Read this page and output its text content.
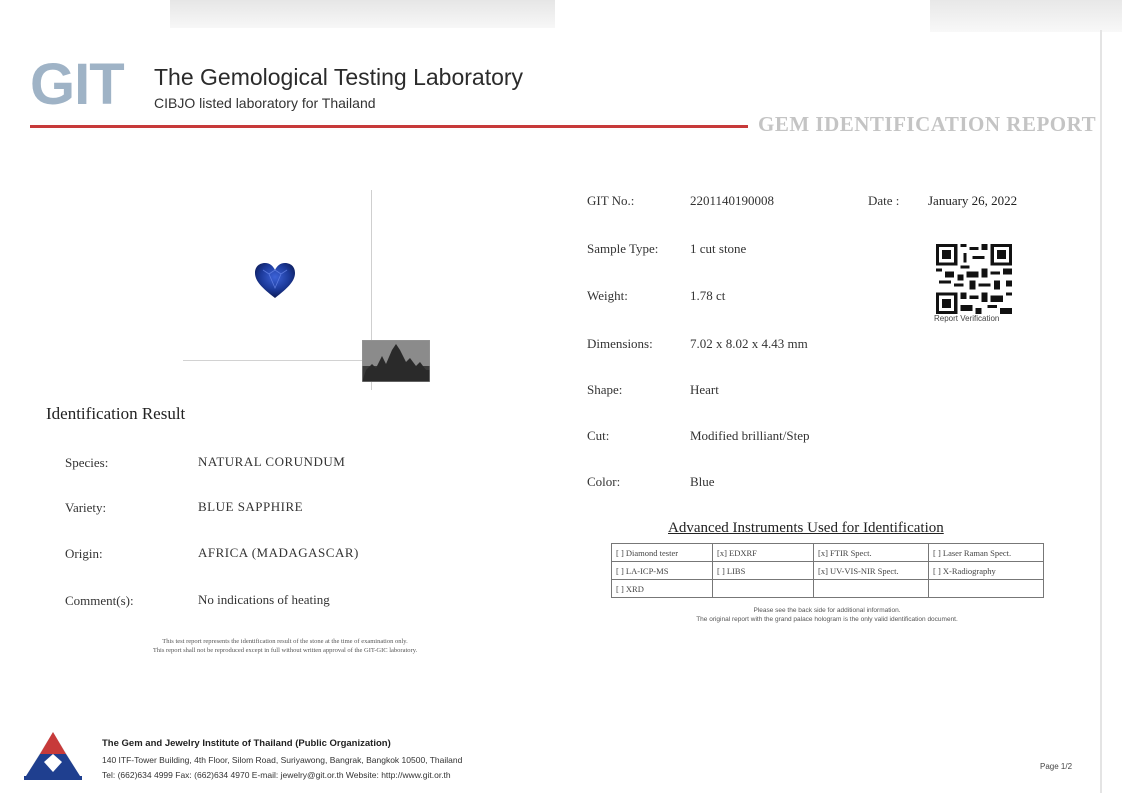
GIT The Gemological Testing Laboratory
CIBJO listed laboratory for Thailand
GEM IDENTIFICATION REPORT
Identification Result
Species:	NATURAL CORUNDUM
Variety:	BLUE SAPPHIRE
Origin:	AFRICA (MADAGASCAR)
Comment(s):	No indications of heating
This test report represents the identification result of the stone at the time of examination only.
This report shall not be reproduced except in full without written approval of the GIT-GIC laboratory.
GIT No.:	2201140190008	Date : January 26, 2022
Sample Type: 1 cut stone
Weight:	1.78 ct
Dimensions:	7.02 x 8.02 x 4.43 mm
Shape:	Heart
Cut:	Modified brilliant/Step
Color:	Blue
Report Verification
Advanced Instruments Used for Identification
[ ] Diamond tester	[x] EDXRF	[x] FTIR Spect.	[ ] Laser Raman Spect.
[ ] LA-ICP-MS	[ ] LIBS	[x] UV-VIS-NIR Spect.	[ ] X-Radiography
[ ] XRD			
Please see the back side for additional information.
The original report with the grand palace hologram is the only valid identification document.
The Gem and Jewelry Institute of Thailand (Public Organization)
140 ITF-Tower Building, 4th Floor, Silom Road, Suriyawong, Bangrak, Bangkok 10500, Thailand
Tel: (662)634 4999 Fax: (662)634 4970 E-mail: jewelry@git.or.th Website: http://www.git.or.th
Page 1/2
